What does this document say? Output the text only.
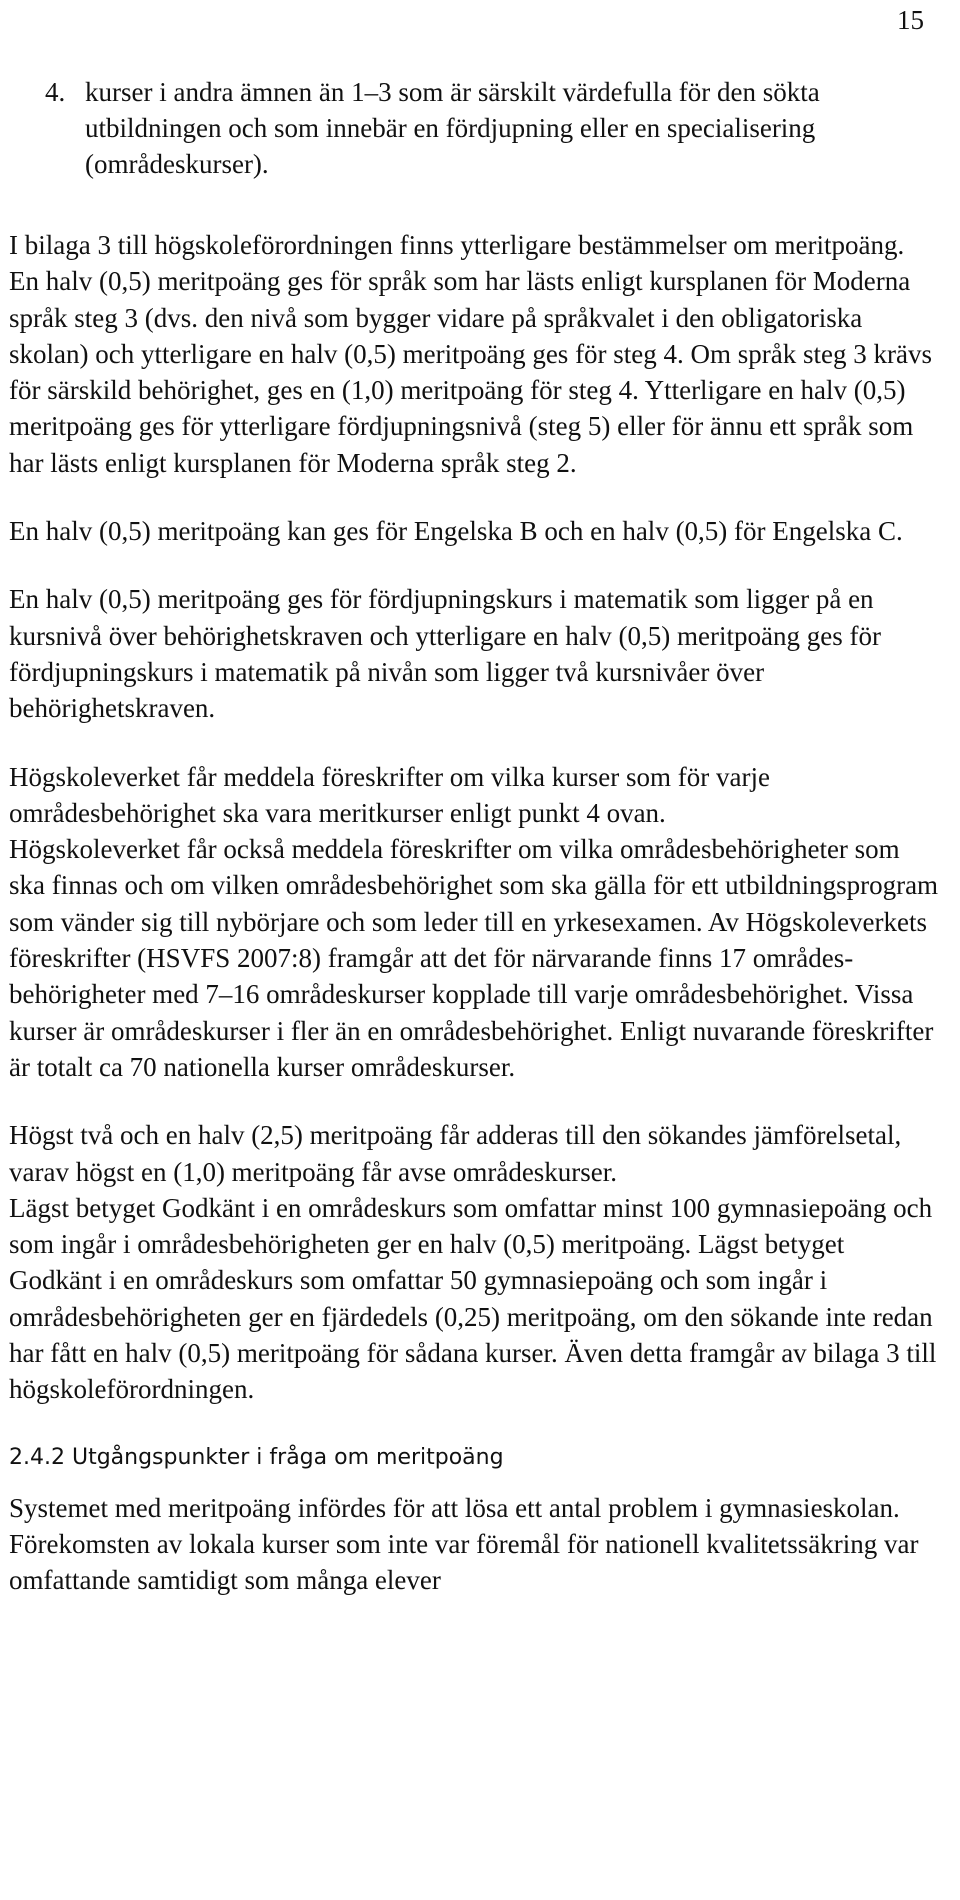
15
4. kurser i andra ämnen än 1–3 som är särskilt värdefulla för den sökta utbildningen och som innebär en fördjupning eller en specialisering (områdeskurser).

I bilaga 3 till högskoleförordningen finns ytterligare bestämmelser om meritpoäng. En halv (0,5) meritpoäng ges för språk som har lästs enligt kursplanen för Moderna språk steg 3 (dvs. den nivå som bygger vidare på språkvalet i den obligatoriska skolan) och ytterligare en halv (0,5) meritpoäng ges för steg 4. Om språk steg 3 krävs för särskild behörighet, ges en (1,0) meritpoäng för steg 4. Ytterligare en halv (0,5) meritpoäng ges för ytterligare fördjupningsnivå (steg 5) eller för ännu ett språk som har lästs enligt kursplanen för Moderna språk steg 2.

En halv (0,5) meritpoäng kan ges för Engelska B och en halv (0,5) för Engelska C.

En halv (0,5) meritpoäng ges för fördjupningskurs i matematik som ligger på en kursnivå över behörighetskraven och ytterligare en halv (0,5) meritpoäng ges för fördjupningskurs i matematik på nivån som ligger två kursnivåer över behörighetskraven.

Högskoleverket får meddela föreskrifter om vilka kurser som för varje områdesbehörighet ska vara meritkurser enligt punkt 4 ovan.

Högskoleverket får också meddela föreskrifter om vilka områdesbehörigheter som ska finnas och om vilken områdesbehörighet som ska gälla för ett utbildningsprogram som vänder sig till nybörjare och som leder till en yrkesexamen. Av Högskoleverkets föreskrifter (HSVFS 2007:8) framgår att det för närvarande finns 17 områdesbehörigheter med 7–16 områdeskurser kopplade till varje områdesbehörighet. Vissa kurser är områdeskurser i fler än en områdesbehörighet. Enligt nuvarande föreskrifter är totalt ca 70 nationella kurser områdeskurser.

Högst två och en halv (2,5) meritpoäng får adderas till den sökandes jämförelsetal, varav högst en (1,0) meritpoäng får avse områdeskurser.

Lägst betyget Godkänt i en områdeskurs som omfattar minst 100 gymnasiepoäng och som ingår i områdesbehörigheten ger en halv (0,5) meritpoäng. Lägst betyget Godkänt i en områdeskurs som omfattar 50 gymnasiepoäng och som ingår i områdesbehörigheten ger en fjärdedels (0,25) meritpoäng, om den sökande inte redan har fått en halv (0,5) meritpoäng för sådana kurser. Även detta framgår av bilaga 3 till högskoleförordningen.

2.4.2 Utgångspunkter i fråga om meritpoäng

Systemet med meritpoäng infördes för att lösa ett antal problem i gymnasieskolan. Förekomsten av lokala kurser som inte var föremål för nationell kvalitetssäkring var omfattande samtidigt som många elever
